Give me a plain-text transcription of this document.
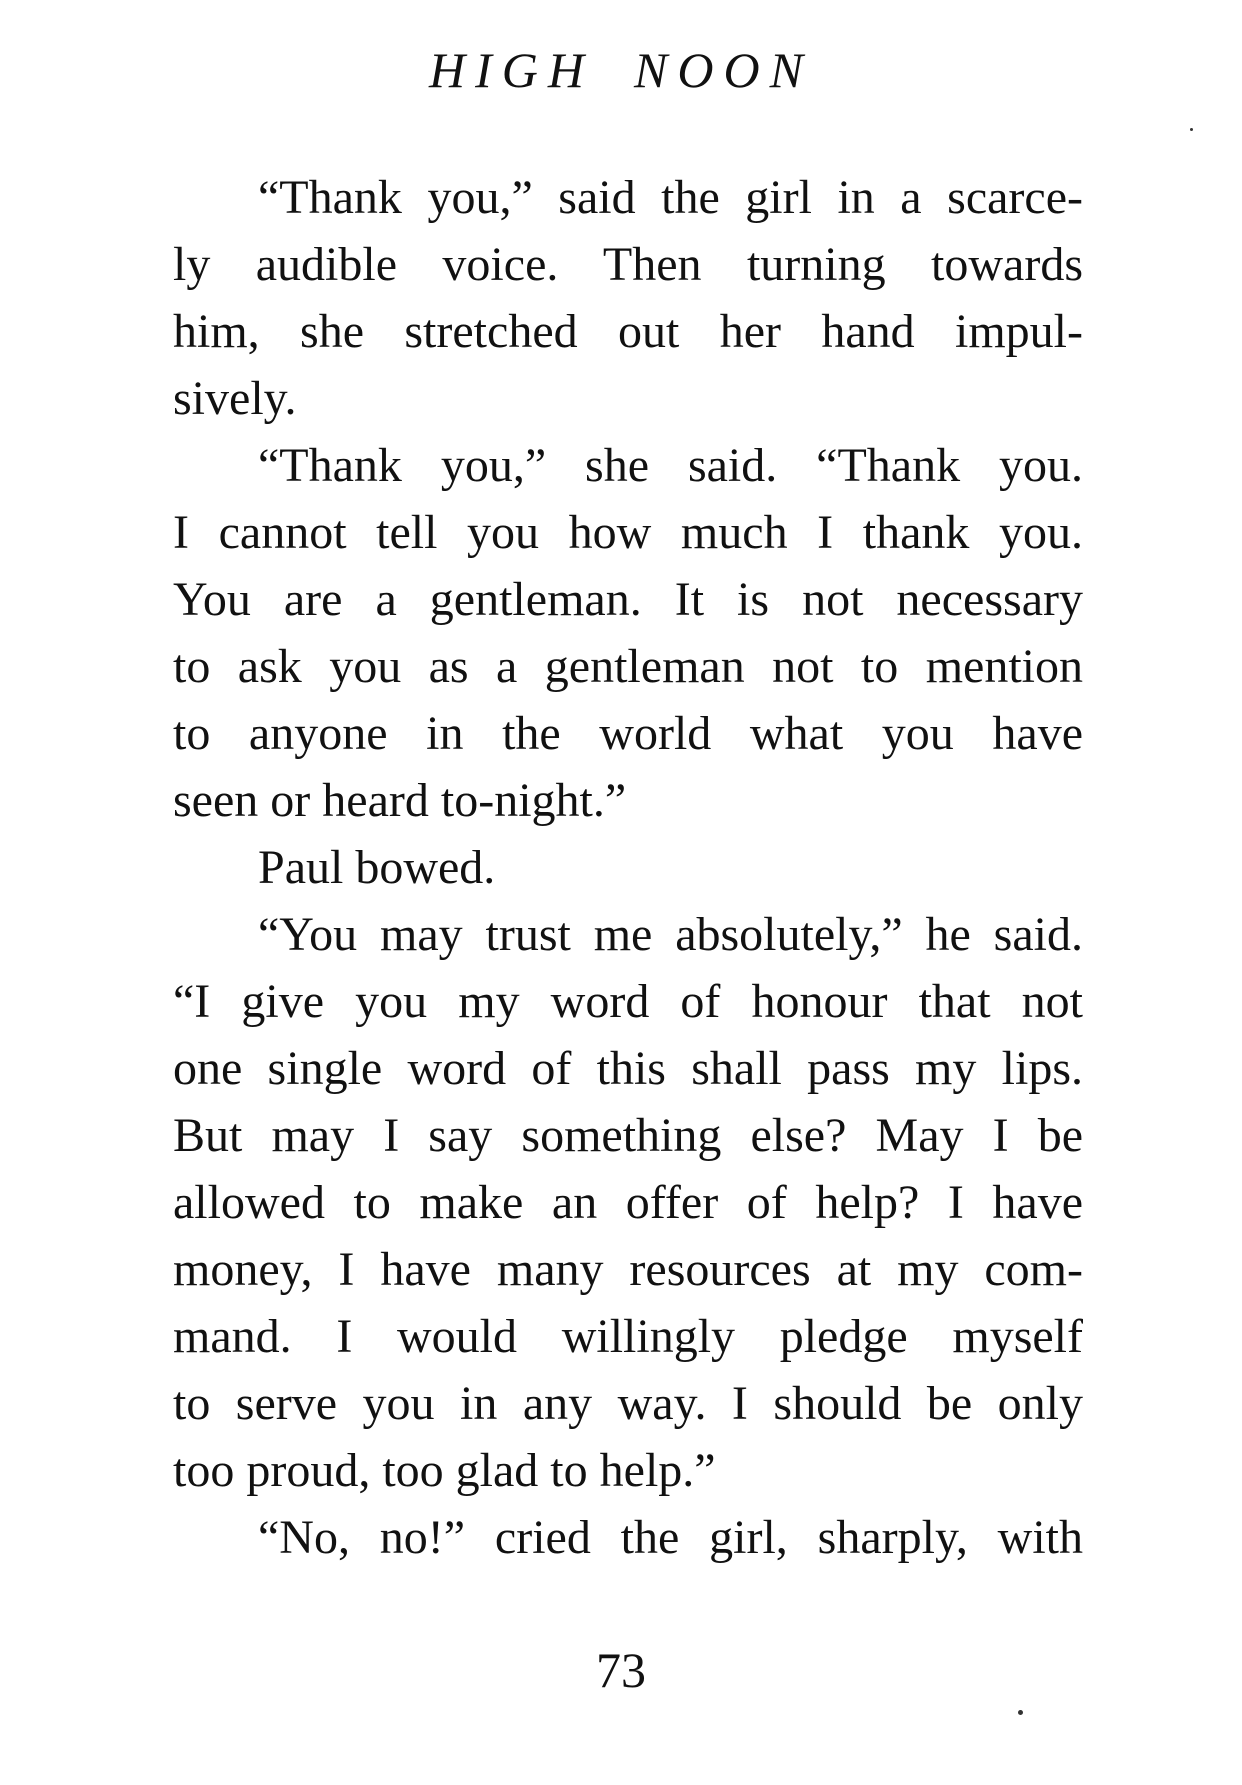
HIGH NOON
“Thank you,” said the girl in a scarce-
ly audible voice. Then turning towards
him, she stretched out her hand impul-
sively.
“Thank you,” she said. “Thank you.
I cannot tell you how much I thank you.
You are a gentleman. It is not necessary
to ask you as a gentleman not to mention
to anyone in the world what you have
seen or heard to-night.”
Paul bowed.
“You may trust me absolutely,” he said.
“I give you my word of honour that not
one single word of this shall pass my lips.
But may I say something else? May I be
allowed to make an offer of help? I have
money, I have many resources at my com-
mand. I would willingly pledge myself
to serve you in any way. I should be only
too proud, too glad to help.”
“No, no!” cried the girl, sharply, with
73
